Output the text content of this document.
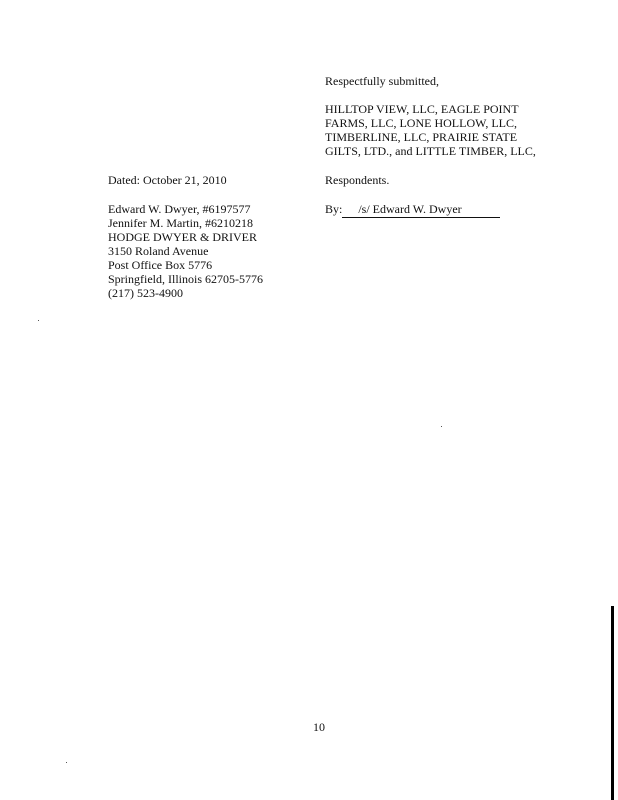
Respectfully submitted,
HILLTOP VIEW, LLC, EAGLE POINT
FARMS, LLC, LONE HOLLOW, LLC,
TIMBERLINE, LLC, PRAIRIE STATE
GILTS, LTD., and LITTLE TIMBER, LLC,
Dated: October 21, 2010	Respondents.
By: /s/ Edward W. Dwyer
Edward W. Dwyer, #6197577
Jennifer M. Martin, #6210218
HODGE DWYER & DRIVER
3150 Roland Avenue
Post Office Box 5776
Springfield, Illinois 62705-5776
(217) 523-4900
10
